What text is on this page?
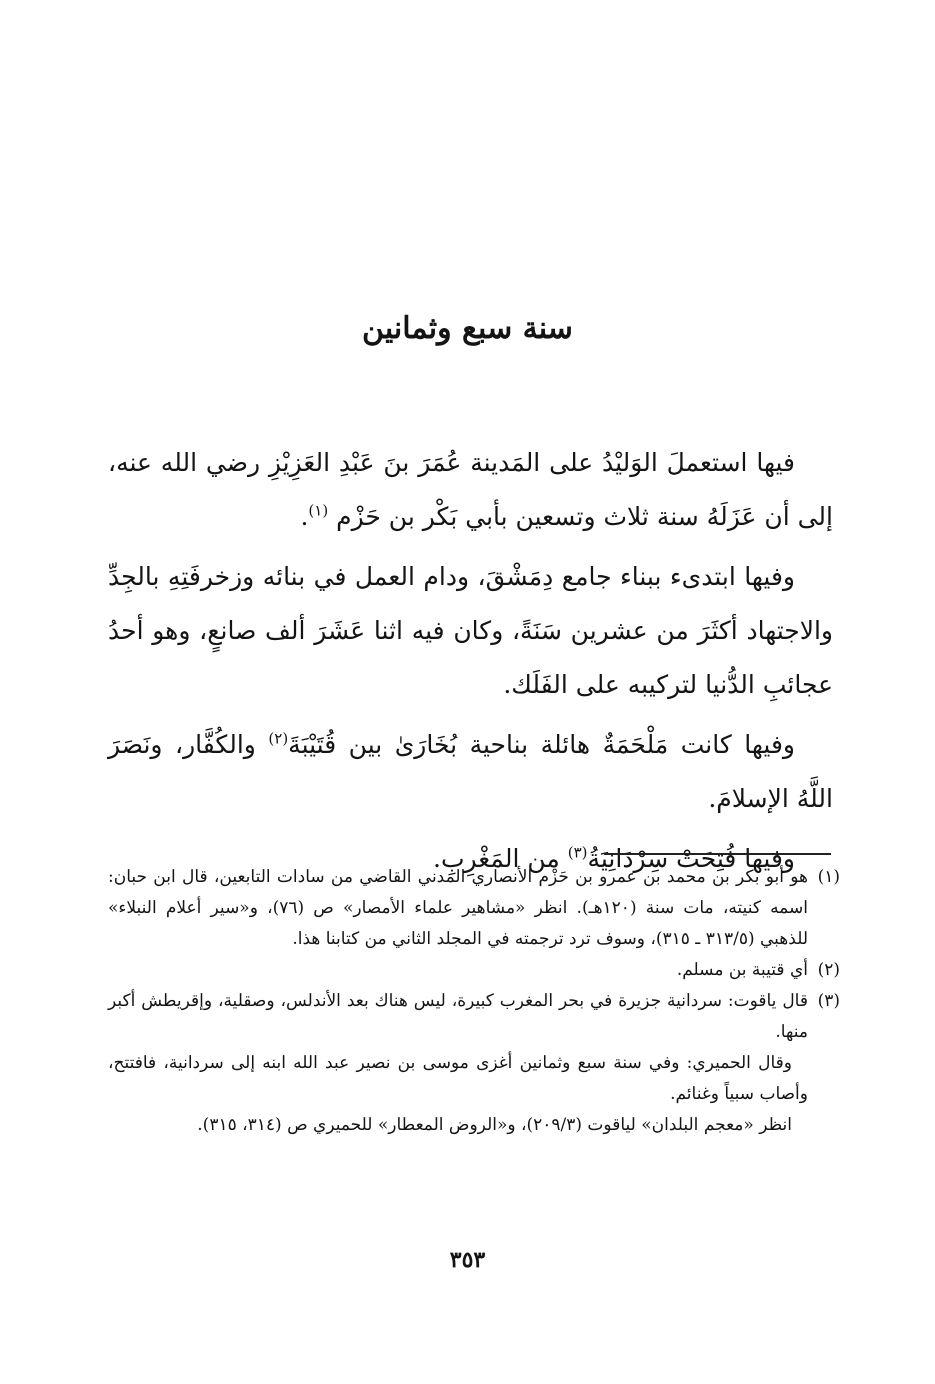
سنة سبع وثمانين

فيها استعملَ الوَليْدُ على المَدينة عُمَرَ بنَ عَبْدِ العَزِيْزِ رضي الله عنه، إلى أن عَزَلَهُ سنة ثلاث وتسعين بأبي بَكْر بن حَزْم $^{(١)}$.

وفيها ابتدىء ببناء جامع دِمَشْقَ، ودام العمل في بنائه وزخرفَتِهِ بالجِدِّ والاجتهاد أكثَرَ من عشرين سَنَةً، وكان فيه اثنا عَشَرَ ألف صانعٍ، وهو أحدُ عجائبِ الدُّنيا لتركيبه على الفَلَك.

وفيها كانت مَلْحَمَةٌ هائلة بناحية بُخَارَىٰ بين قُتَيْبَةَ$^{(٢)}$ والكُفَّار، ونَصَرَ اللَّهُ الإسلامَ.

وفيها فُتِحَتْ سِرْدَانِيَةُ$^{(٣)}$ من المَغْرِبِ.

(١)
هو أبو بكر بن محمد بن عمرو بن حَزْم الأنصاري المدني القاضي من سادات التابعين، قال ابن حبان: اسمه كنيته، مات سنة (١٢٠هـ). انظر «مشاهير علماء الأمصار» ص (٧٦)، و«سير أعلام النبلاء» للذهبي (٣١٣/٥ ـ ٣١٥)، وسوف ترد ترجمته في المجلد الثاني من كتابنا هذا.

(٢)
أي قتيبة بن مسلم.

(٣)
قال ياقوت: سردانية جزيرة في بحر المغرب كبيرة، ليس هناك بعد الأندلس، وصقلية، وإقريطش أكبر منها.

وقال الحميري: وفي سنة سبع وثمانين أغزى موسى بن نصير عبد الله ابنه إلى سردانية، فافتتح، وأصاب سبياً وغنائم.

انظر «معجم البلدان» لياقوت (٢٠٩/٣)، و«الروض المعطار» للحميري ص (٣١٤، ٣١٥).

٣٥٣
